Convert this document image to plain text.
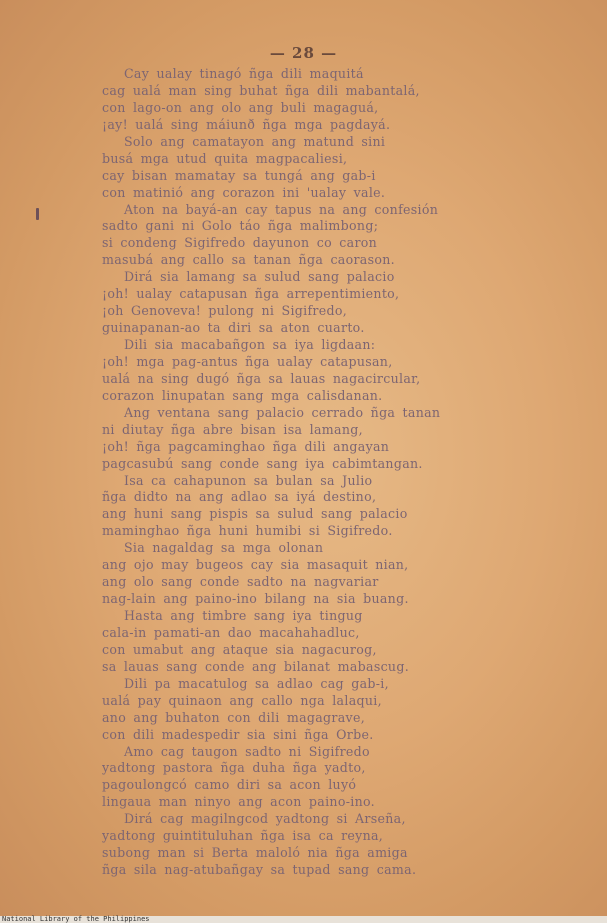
— 28 —
Cay ualay tinagó ñga dili maquitá
cag ualá man sing buhat ñga dili mabantalá,
con lago-on ang olo ang buli magaguá,
¡ay! ualá sing máiunð ñga mga pagdayá.
Solo ang camatayon ang matund sini
busá mga utud quita magpacaliesi,
cay bisan mamatay sa tungá ang gab-i
con matinió ang corazon ini 'ualay vale.
Aton na bayá-an cay tapus na ang confesión
sadto gani ni Golo táo ñga malimbong;
si condeng Sigifredo dayunon co caron
masubá ang callo sa tanan ñga caorason.
Dirá sia lamang sa sulud sang palacio
¡oh! ualay catapusan ñga arrepentimiento,
¡oh Genoveva! pulong ni Sigifredo,
guinapanan-ao ta diri sa aton cuarto.
Dili sia macabañgon sa iya ligdaan:
¡oh! mga pag-antus ñga ualay catapusan,
ualá na sing dugó ñga sa lauas nagacircular,
corazon linupatan sang mga calisdanan.
Ang ventana sang palacio cerrado ñga tanan
ni diutay ñga abre bisan isa lamang,
¡oh! ñga pagcaminghao ñga dili angayan
pagcasubú sang conde sang iya cabimtangan.
Isa ca cahapunon sa bulan sa Julio
ñga didto na ang adlao sa iyá destino,
ang huni sang pispis sa sulud sang palacio
maminghao ñga huni humibi si Sigifredo.
Sia nagaldag sa mga olonan
ang ojo may bugeos cay sia masaquit nian,
ang olo sang conde sadto na nagvariar
nag-lain ang paino-ino bilang na sia buang.
Hasta ang timbre sang iya tingug
cala-in pamati-an dao macahahadluc,
con umabut ang ataque sia nagacurog,
sa lauas sang conde ang bilanat mabascug.
Dili pa macatulog sa adlao cag gab-i,
ualá pay quinaon ang callo nga lalaqui,
ano ang buhaton con dili magagrave,
con dili madespedir sia sini ñga Orbe.
Amo cag taugon sadto ni Sigifredo
yadtong pastora ñga duha ñga yadto,
pagoulongcó camo diri sa acon luyó
lingaua man ninyo ang acon paino-ino.
Dirá cag magilngcod yadtong si Arseña,
yadtong guintituluhan ñga isa ca reyna,
subong man si Berta maloló nia ñga amiga
ñga sila nag-atubañgay sa tupad sang cama.
National Library of the Philippines
